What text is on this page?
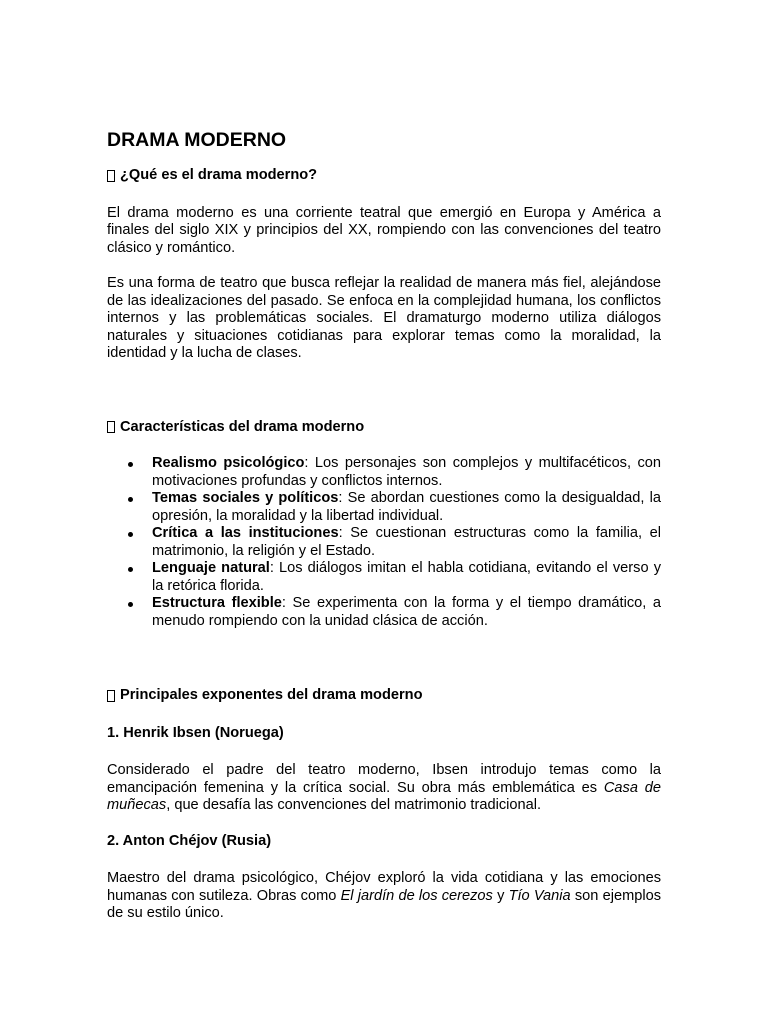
DRAMA MODERNO
¿Qué es el drama moderno?

El drama moderno es una corriente teatral que emergió en Europa y América a finales del siglo XIX y principios del XX, rompiendo con las convenciones del teatro clásico y romántico.

Es una forma de teatro que busca reflejar la realidad de manera más fiel, alejándose de las idealizaciones del pasado. Se enfoca en la complejidad humana, los conflictos internos y las problemáticas sociales. El dramaturgo moderno utiliza diálogos naturales y situaciones cotidianas para explorar temas como la moralidad, la identidad y la lucha de clases.

Características del drama moderno
Realismo psicológico: Los personajes son complejos y multifacéticos, con motivaciones profundas y conflictos internos.
Temas sociales y políticos: Se abordan cuestiones como la desigualdad, la opresión, la moralidad y la libertad individual.
Crítica a las instituciones: Se cuestionan estructuras como la familia, el matrimonio, la religión y el Estado.
Lenguaje natural: Los diálogos imitan el habla cotidiana, evitando el verso y la retórica florida.
Estructura flexible: Se experimenta con la forma y el tiempo dramático, a menudo rompiendo con la unidad clásica de acción.
Principales exponentes del drama moderno

1. Henrik Ibsen (Noruega)

Considerado el padre del teatro moderno, Ibsen introdujo temas como la emancipación femenina y la crítica social. Su obra más emblemática es Casa de muñecas, que desafía las convenciones del matrimonio tradicional.

2. Anton Chéjov (Rusia)

Maestro del drama psicológico, Chéjov exploró la vida cotidiana y las emociones humanas con sutileza. Obras como El jardín de los cerezos y Tío Vania son ejemplos de su estilo único.
